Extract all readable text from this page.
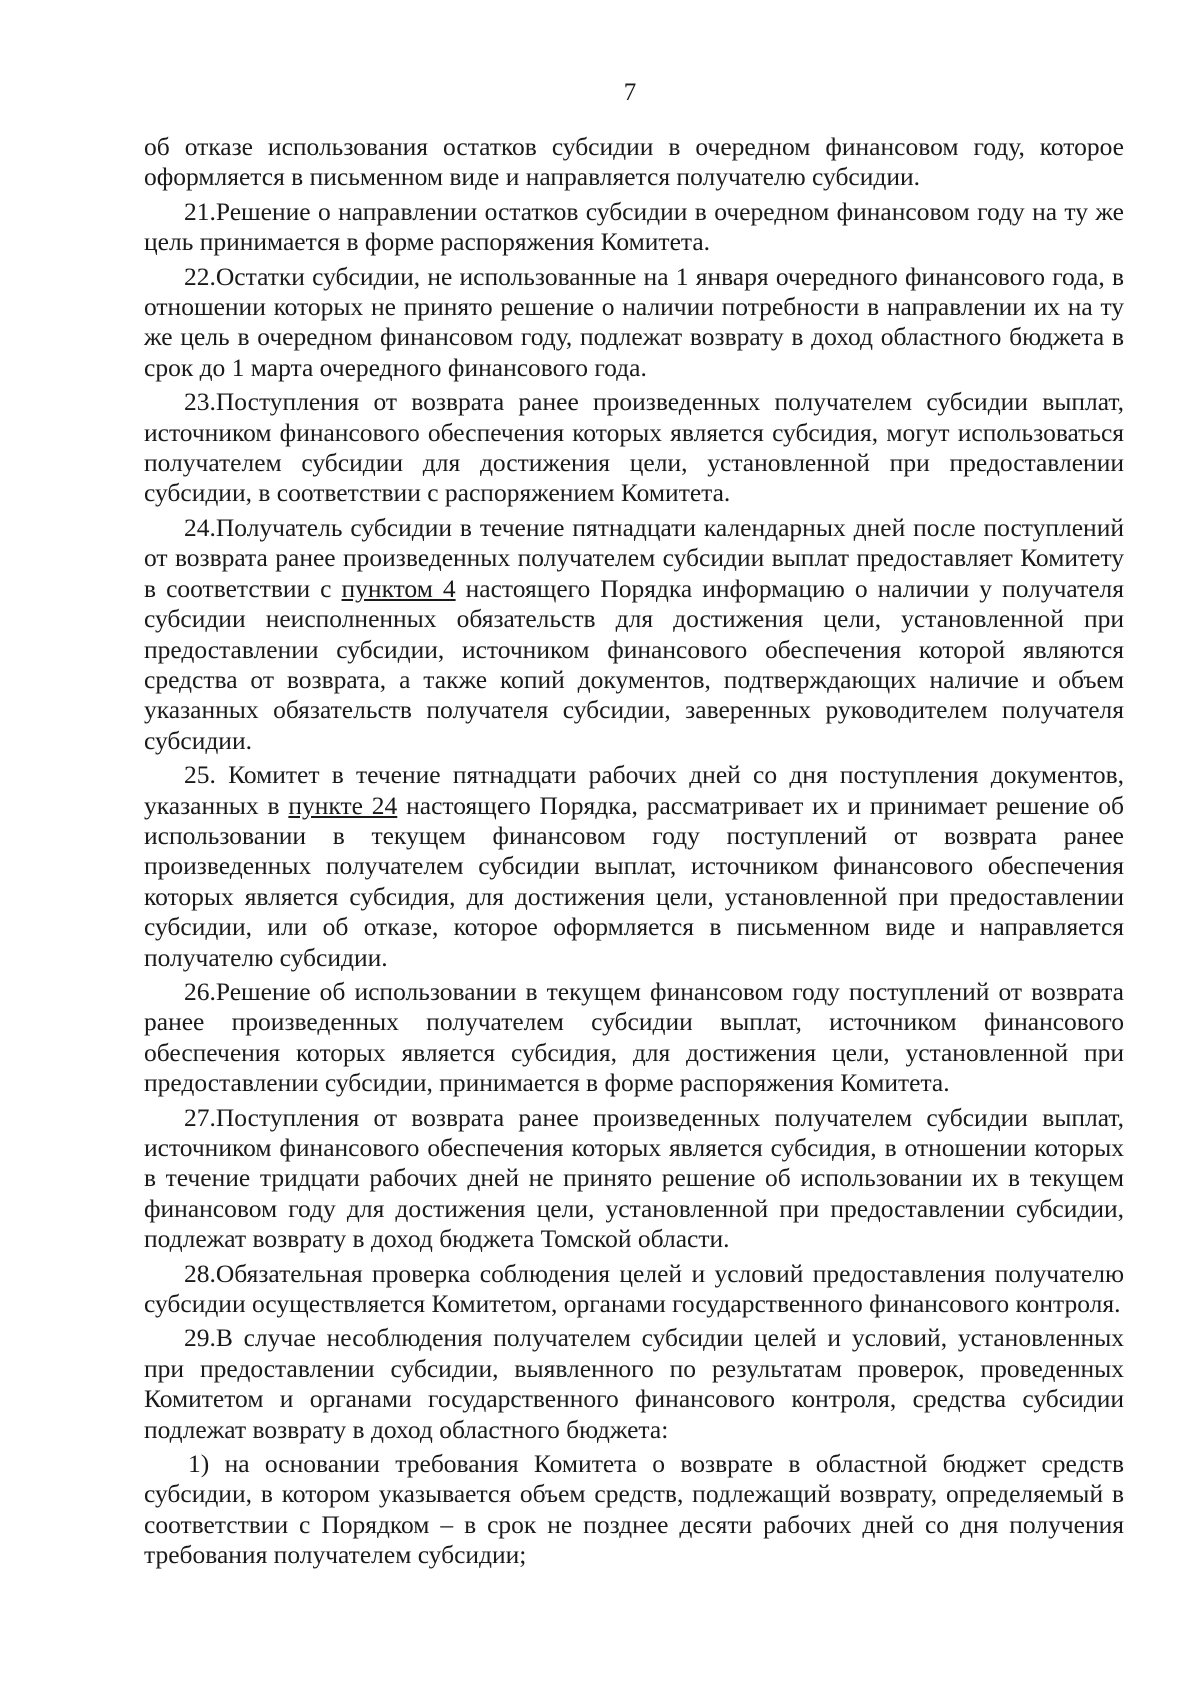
7

об отказе использования остатков субсидии в очередном финансовом году, которое оформляется в письменном виде и направляется получателю субсидии.

21.Решение о направлении остатков субсидии в очередном финансовом году на ту же цель принимается в форме распоряжения Комитета.

22.Остатки субсидии, не использованные на 1 января очередного финансового года, в отношении которых не принято решение о наличии потребности в направлении их на ту же цель в очередном финансовом году, подлежат возврату в доход областного бюджета в срок до 1 марта очередного финансового года.

23.Поступления от возврата ранее произведенных получателем субсидии выплат, источником финансового обеспечения которых является субсидия, могут использоваться получателем субсидии для достижения цели, установленной при предоставлении субсидии, в соответствии с распоряжением Комитета.

24.Получатель субсидии в течение пятнадцати календарных дней после поступлений от возврата ранее произведенных получателем субсидии выплат предоставляет Комитету в соответствии с пунктом 4 настоящего Порядка информацию о наличии у получателя субсидии неисполненных обязательств для достижения цели, установленной при предоставлении субсидии, источником финансового обеспечения которой являются средства от возврата, а также копий документов, подтверждающих наличие и объем указанных обязательств получателя субсидии, заверенных руководителем получателя субсидии.

25. Комитет в течение пятнадцати рабочих дней со дня поступления документов, указанных в пункте 24 настоящего Порядка, рассматривает их и принимает решение об использовании в текущем финансовом году поступлений от возврата ранее произведенных получателем субсидии выплат, источником финансового обеспечения которых является субсидия, для достижения цели, установленной при предоставлении субсидии, или об отказе, которое оформляется в письменном виде и направляется получателю субсидии.

26.Решение об использовании в текущем финансовом году поступлений от возврата ранее произведенных получателем субсидии выплат, источником финансового обеспечения которых является субсидия, для достижения цели, установленной при предоставлении субсидии, принимается в форме распоряжения Комитета.

27.Поступления от возврата ранее произведенных получателем субсидии выплат, источником финансового обеспечения которых является субсидия, в отношении которых в течение тридцати рабочих дней не принято решение об использовании их в текущем финансовом году для достижения цели, установленной при предоставлении субсидии, подлежат возврату в доход бюджета Томской области.

28.Обязательная проверка соблюдения целей и условий предоставления получателю субсидии осуществляется Комитетом, органами государственного финансового контроля.

29.В случае несоблюдения получателем субсидии целей и условий, установленных при предоставлении субсидии, выявленного по результатам проверок, проведенных Комитетом и органами государственного финансового контроля, средства субсидии подлежат возврату в доход областного бюджета:

1) на основании требования Комитета о возврате в областной бюджет средств субсидии, в котором указывается объем средств, подлежащий возврату, определяемый в соответствии с Порядком – в срок не позднее десяти рабочих дней со дня получения требования получателем субсидии;
